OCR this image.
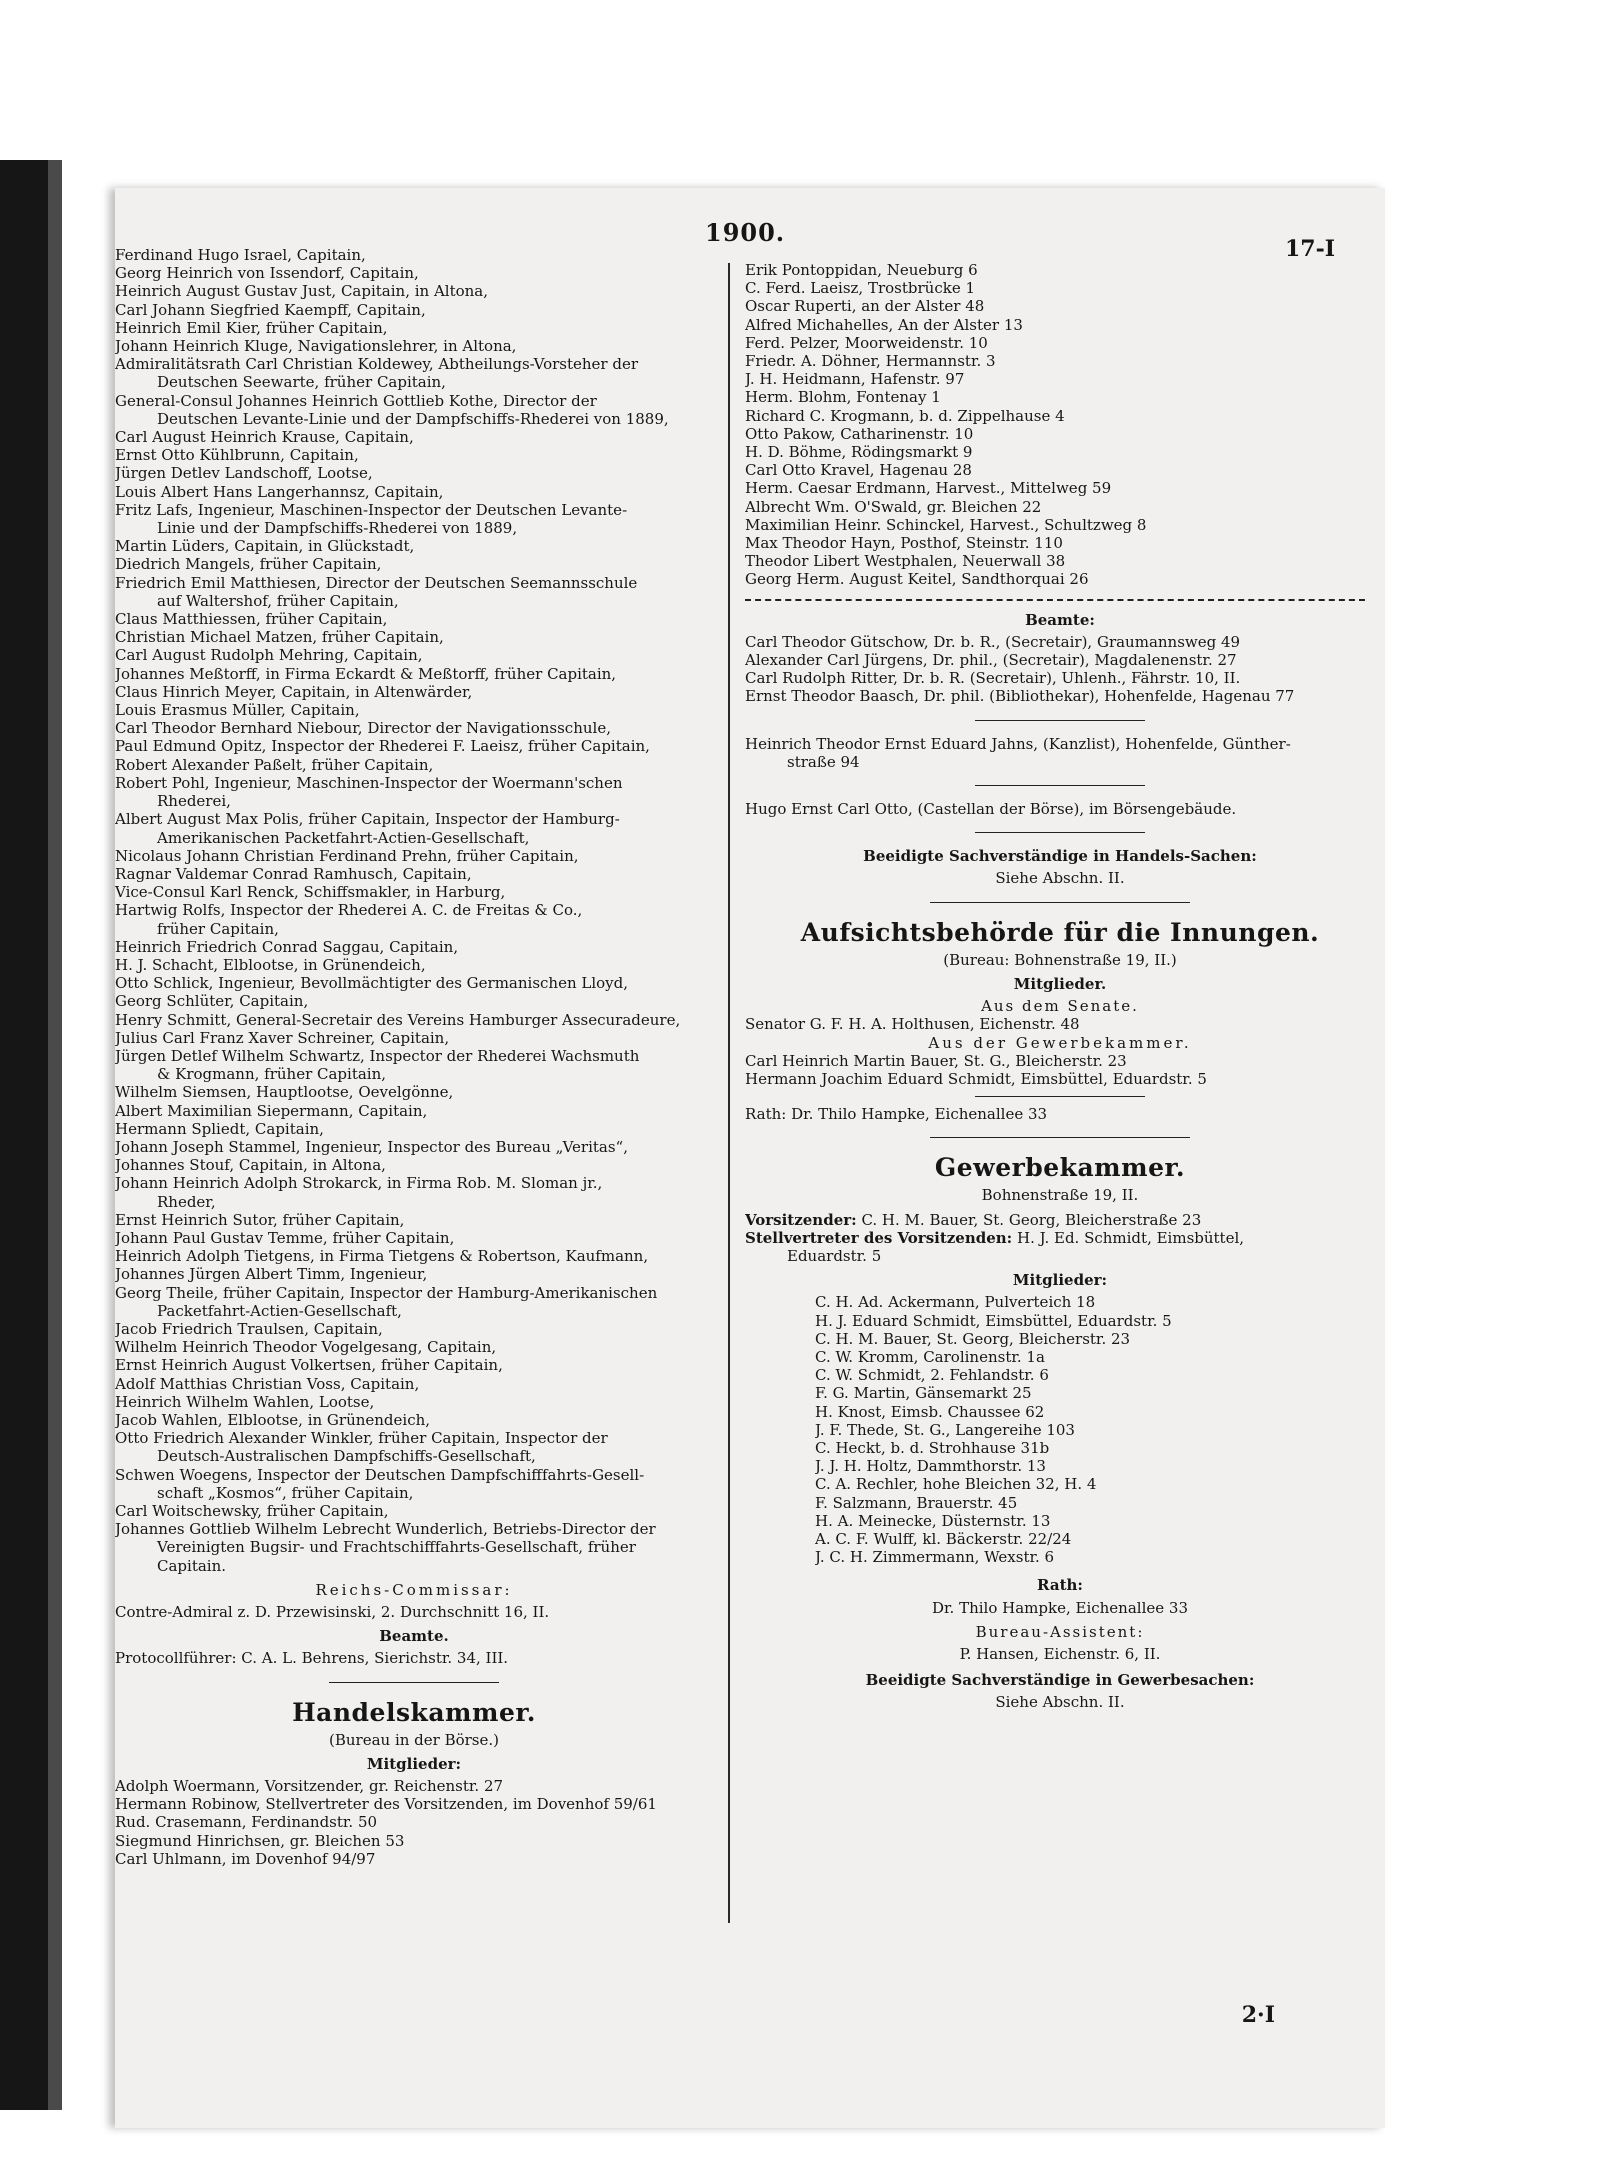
1900.
17-I
Ferdinand Hugo Israel, Capitain,
Georg Heinrich von Issendorf, Capitain,
Heinrich August Gustav Just, Capitain, in Altona,
Carl Johann Siegfried Kaempff, Capitain,
Heinrich Emil Kier, früher Capitain,
Johann Heinrich Kluge, Navigationslehrer, in Altona,
Admiralitätsrath Carl Christian Koldewey, Abtheilungs-Vorsteher der
Deutschen Seewarte, früher Capitain,
General-Consul Johannes Heinrich Gottlieb Kothe, Director der
Deutschen Levante-Linie und der Dampfschiffs-Rhederei von 1889,
Carl August Heinrich Krause, Capitain,
Ernst Otto Kühlbrunn, Capitain,
Jürgen Detlev Landschoff, Lootse,
Louis Albert Hans Langerhannsz, Capitain,
Fritz Lafs, Ingenieur, Maschinen-Inspector der Deutschen Levante-
Linie und der Dampfschiffs-Rhederei von 1889,
Martin Lüders, Capitain, in Glückstadt,
Diedrich Mangels, früher Capitain,
Friedrich Emil Matthiesen, Director der Deutschen Seemannsschule
auf Waltershof, früher Capitain,
Claus Matthiessen, früher Capitain,
Christian Michael Matzen, früher Capitain,
Carl August Rudolph Mehring, Capitain,
Johannes Meßtorff, in Firma Eckardt & Meßtorff, früher Capitain,
Claus Hinrich Meyer, Capitain, in Altenwärder,
Louis Erasmus Müller, Capitain,
Carl Theodor Bernhard Niebour, Director der Navigationsschule,
Paul Edmund Opitz, Inspector der Rhederei F. Laeisz, früher Capitain,
Robert Alexander Paßelt, früher Capitain,
Robert Pohl, Ingenieur, Maschinen-Inspector der Woermann'schen
Rhederei,
Albert August Max Polis, früher Capitain, Inspector der Hamburg-
Amerikanischen Packetfahrt-Actien-Gesellschaft,
Nicolaus Johann Christian Ferdinand Prehn, früher Capitain,
Ragnar Valdemar Conrad Ramhusch, Capitain,
Vice-Consul Karl Renck, Schiffsmakler, in Harburg,
Hartwig Rolfs, Inspector der Rhederei A. C. de Freitas & Co.,
früher Capitain,
Heinrich Friedrich Conrad Saggau, Capitain,
H. J. Schacht, Elblootse, in Grünendeich,
Otto Schlick, Ingenieur, Bevollmächtigter des Germanischen Lloyd,
Georg Schlüter, Capitain,
Henry Schmitt, General-Secretair des Vereins Hamburger Assecuradeure,
Julius Carl Franz Xaver Schreiner, Capitain,
Jürgen Detlef Wilhelm Schwartz, Inspector der Rhederei Wachsmuth
& Krogmann, früher Capitain,
Wilhelm Siemsen, Hauptlootse, Oevelgönne,
Albert Maximilian Siepermann, Capitain,
Hermann Spliedt, Capitain,
Johann Joseph Stammel, Ingenieur, Inspector des Bureau „Veritas“,
Johannes Stouf, Capitain, in Altona,
Johann Heinrich Adolph Strokarck, in Firma Rob. M. Sloman jr.,
Rheder,
Ernst Heinrich Sutor, früher Capitain,
Johann Paul Gustav Temme, früher Capitain,
Heinrich Adolph Tietgens, in Firma Tietgens & Robertson, Kaufmann,
Johannes Jürgen Albert Timm, Ingenieur,
Georg Theile, früher Capitain, Inspector der Hamburg-Amerikanischen
Packetfahrt-Actien-Gesellschaft,
Jacob Friedrich Traulsen, Capitain,
Wilhelm Heinrich Theodor Vogelgesang, Capitain,
Ernst Heinrich August Volkertsen, früher Capitain,
Adolf Matthias Christian Voss, Capitain,
Heinrich Wilhelm Wahlen, Lootse,
Jacob Wahlen, Elblootse, in Grünendeich,
Otto Friedrich Alexander Winkler, früher Capitain, Inspector der
Deutsch-Australischen Dampfschiffs-Gesellschaft,
Schwen Woegens, Inspector der Deutschen Dampfschifffahrts-Gesell-
schaft „Kosmos“, früher Capitain,
Carl Woitschewsky, früher Capitain,
Johannes Gottlieb Wilhelm Lebrecht Wunderlich, Betriebs-Director der
Vereinigten Bugsir- und Frachtschifffahrts-Gesellschaft, früher
Capitain.
Reichs-Commissar:
Contre-Admiral z. D. Przewisinski, 2. Durchschnitt 16, II.
Beamte.
Protocollführer: C. A. L. Behrens, Sierichstr. 34, III.
Handelskammer.
(Bureau in der Börse.)
Mitglieder:
Adolph Woermann, Vorsitzender, gr. Reichenstr. 27
Hermann Robinow, Stellvertreter des Vorsitzenden, im Dovenhof 59/61
Rud. Crasemann, Ferdinandstr. 50
Siegmund Hinrichsen, gr. Bleichen 53
Carl Uhlmann, im Dovenhof 94/97
Erik Pontoppidan, Neueburg 6
C. Ferd. Laeisz, Trostbrücke 1
Oscar Ruperti, an der Alster 48
Alfred Michahelles, An der Alster 13
Ferd. Pelzer, Moorweidenstr. 10
Friedr. A. Döhner, Hermannstr. 3
J. H. Heidmann, Hafenstr. 97
Herm. Blohm, Fontenay 1
Richard C. Krogmann, b. d. Zippelhause 4
Otto Pakow, Catharinenstr. 10
H. D. Böhme, Rödingsmarkt 9
Carl Otto Kravel, Hagenau 28
Herm. Caesar Erdmann, Harvest., Mittelweg 59
Albrecht Wm. O'Swald, gr. Bleichen 22
Maximilian Heinr. Schinckel, Harvest., Schultzweg 8
Max Theodor Hayn, Posthof, Steinstr. 110
Theodor Libert Westphalen, Neuerwall 38
Georg Herm. August Keitel, Sandthorquai 26
Beamte:
Carl Theodor Gütschow, Dr. b. R., (Secretair), Graumannsweg 49
Alexander Carl Jürgens, Dr. phil., (Secretair), Magdalenenstr. 27
Carl Rudolph Ritter, Dr. b. R. (Secretair), Uhlenh., Fährstr. 10, II.
Ernst Theodor Baasch, Dr. phil. (Bibliothekar), Hohenfelde, Hagenau 77
Heinrich Theodor Ernst Eduard Jahns, (Kanzlist), Hohenfelde, Günther-
straße 94
Hugo Ernst Carl Otto, (Castellan der Börse), im Börsengebäude.
Beeidigte Sachverständige in Handels-Sachen:
Siehe Abschn. II.
Aufsichtsbehörde für die Innungen.
(Bureau: Bohnenstraße 19, II.)
Mitglieder.
Aus dem Senate.
Senator G. F. H. A. Holthusen, Eichenstr. 48
Aus der Gewerbekammer.
Carl Heinrich Martin Bauer, St. G., Bleicherstr. 23
Hermann Joachim Eduard Schmidt, Eimsbüttel, Eduardstr. 5
Rath: Dr. Thilo Hampke, Eichenallee 33
Gewerbekammer.
Bohnenstraße 19, II.
Vorsitzender: C. H. M. Bauer, St. Georg, Bleicherstraße 23
Stellvertreter des Vorsitzenden: H. J. Ed. Schmidt, Eimsbüttel,
Eduardstr. 5
Mitglieder:
C. H. Ad. Ackermann, Pulverteich 18
H. J. Eduard Schmidt, Eimsbüttel, Eduardstr. 5
C. H. M. Bauer, St. Georg, Bleicherstr. 23
C. W. Kromm, Carolinenstr. 1a
C. W. Schmidt, 2. Fehlandstr. 6
F. G. Martin, Gänsemarkt 25
H. Knost, Eimsb. Chaussee 62
J. F. Thede, St. G., Langereihe 103
C. Heckt, b. d. Strohhause 31b
J. J. H. Holtz, Dammthorstr. 13
C. A. Rechler, hohe Bleichen 32, H. 4
F. Salzmann, Brauerstr. 45
H. A. Meinecke, Düsternstr. 13
A. C. F. Wulff, kl. Bäckerstr. 22/24
J. C. H. Zimmermann, Wexstr. 6
Rath:
Dr. Thilo Hampke, Eichenallee 33
Bureau-Assistent:
P. Hansen, Eichenstr. 6, II.
Beeidigte Sachverständige in Gewerbesachen:
Siehe Abschn. II.
2·I
